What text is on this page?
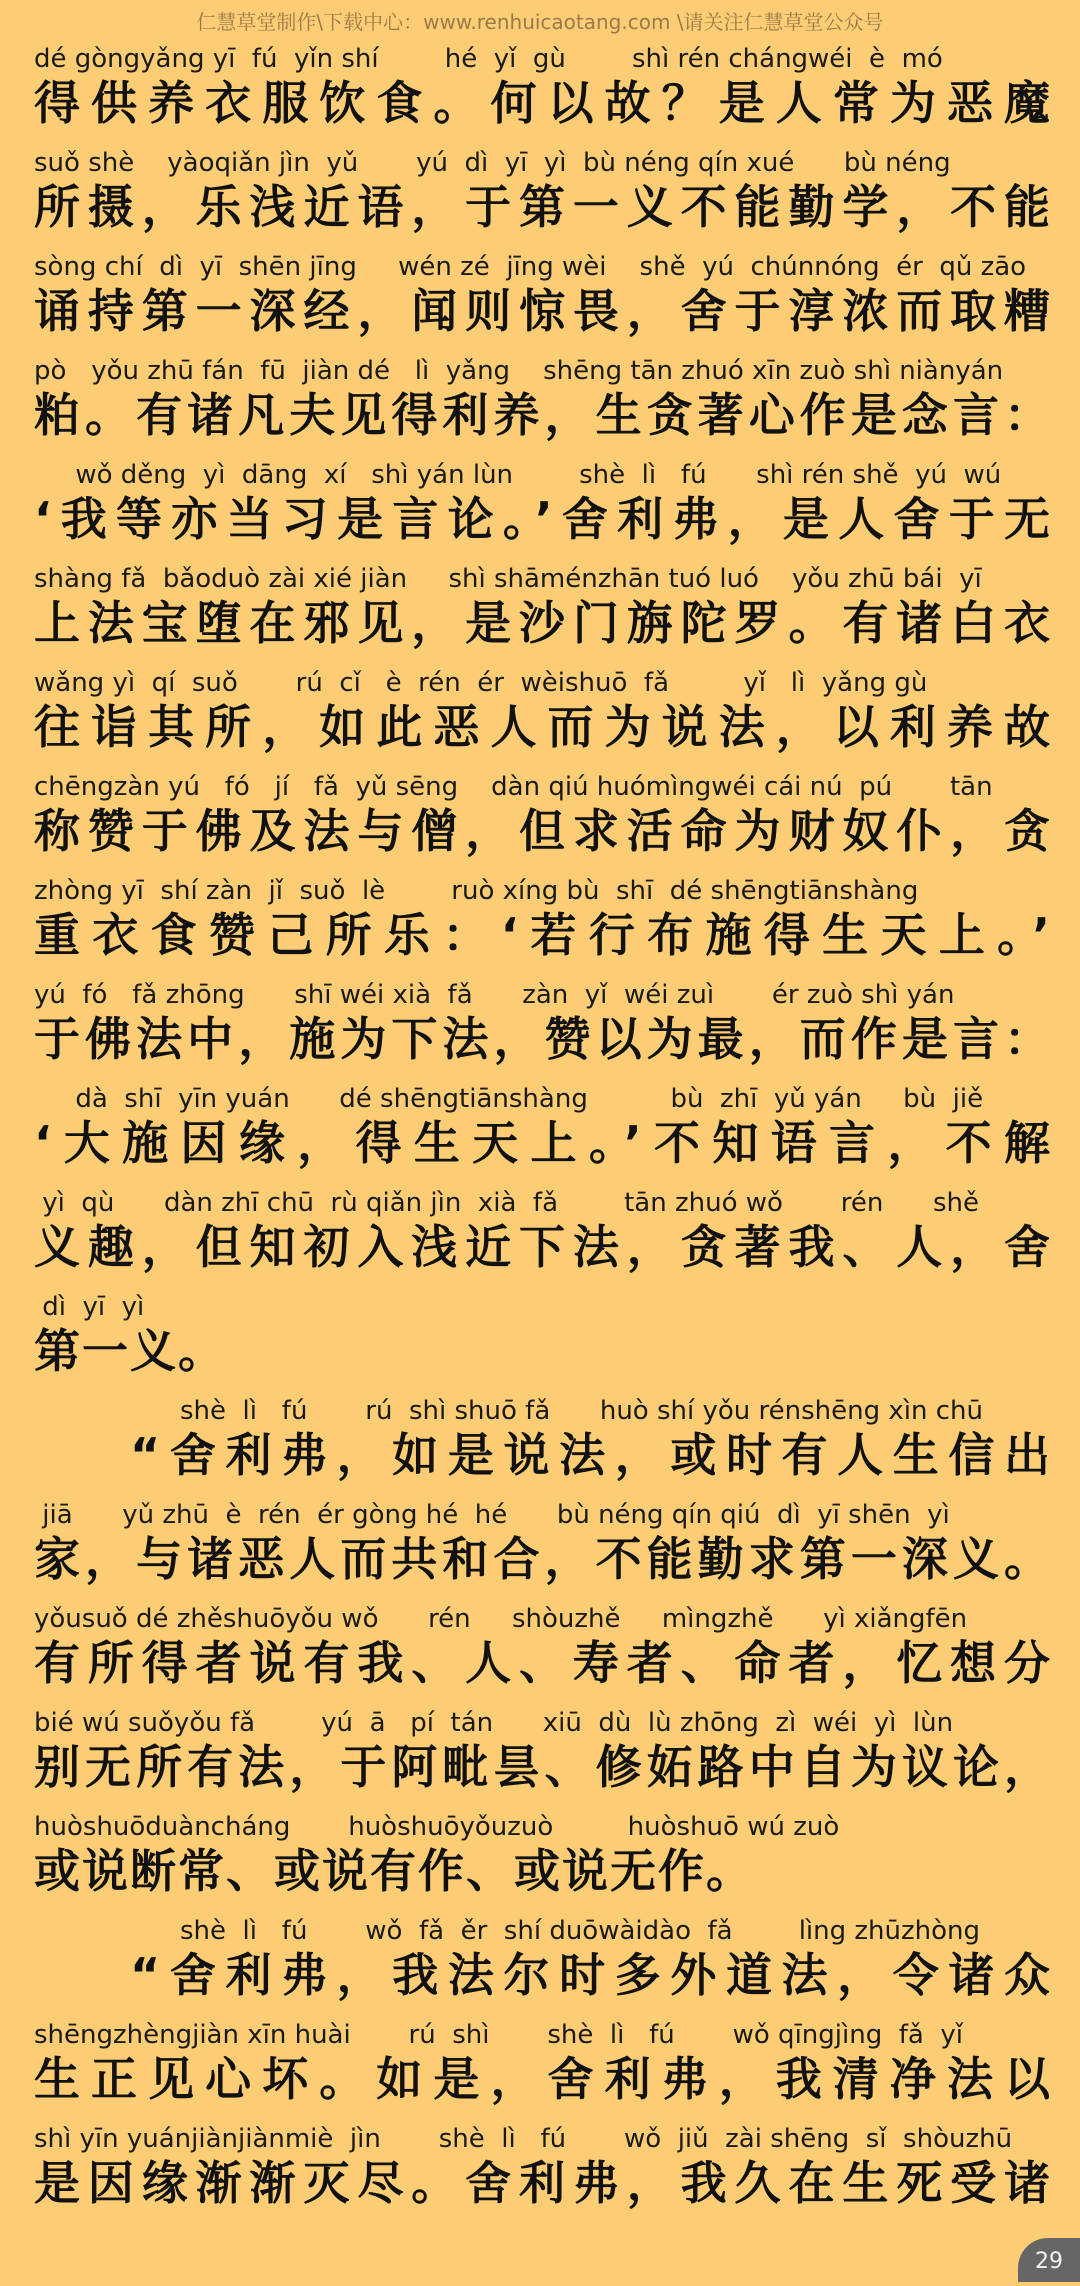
仁慧草堂制作\下载中心：www.renhuicaotang.com \请关注仁慧草堂公众号
dé gòngyǎng yī  fú  yǐn shí        hé  yǐ  gù        shì rén chángwéi  è  mó
得供养衣服饮食。何以故？是人常为恶魔
suǒ shè    yàoqiǎn jìn  yǔ       yú  dì  yī  yì  bù néng qín xué      bù néng
所摄，乐浅近语，于第一义不能勤学，不能
sòng chí  dì  yī  shēn jīng     wén zé  jīng wèi    shě  yú  chúnnóng  ér  qǔ zāo
诵持第一深经，闻则惊畏，舍于淳浓而取糟
pò   yǒu zhū fán  fū  jiàn dé   lì  yǎng    shēng tān zhuó xīn zuò shì niànyán
粕。有诸凡夫见得利养，生贪著心作是念言：
wǒ děng  yì  dāng  xí   shì yán lùn        shè  lì   fú      shì rén shě  yú  wú
‘我等亦当习是言论。’舍利弗，是人舍于无
shàng fǎ  bǎoduò zài xié jiàn     shì shāménzhān tuó luó    yǒu zhū bái  yī
上法宝堕在邪见，是沙门旃陀罗。有诸白衣
wǎng yì  qí  suǒ       rú  cǐ   è  rén  ér  wèishuō  fǎ         yǐ   lì  yǎng gù
往诣其所，如此恶人而为说法，以利养故
chēngzàn yú   fó   jí   fǎ  yǔ sēng    dàn qiú huómìngwéi cái nú  pú       tān
称赞于佛及法与僧，但求活命为财奴仆，贪
zhòng yī  shí zàn  jǐ  suǒ  lè        ruò xíng bù  shī  dé shēngtiānshàng
重衣食赞己所乐：‘若行布施得生天上。’
yú  fó   fǎ zhōng      shī wéi xià  fǎ      zàn  yǐ  wéi zuì       ér zuò shì yán
于佛法中，施为下法，赞以为最，而作是言：
dà  shī  yīn yuán      dé shēngtiānshàng          bù  zhī  yǔ yán     bù  jiě
‘大施因缘，得生天上。’不知语言，不解
yì  qù      dàn zhī chū  rù qiǎn jìn  xià  fǎ        tān zhuó wǒ       rén      shě
义趣，但知初入浅近下法，贪著我、人，舍
dì  yī  yì
第一义。
shè  lì   fú       rú  shì shuō fǎ      huò shí yǒu rénshēng xìn chū
“舍利弗，如是说法，或时有人生信出
jiā      yǔ zhū  è  rén  ér gòng hé  hé      bù néng qín qiú  dì  yī shēn  yì
家，与诸恶人而共和合，不能勤求第一深义。
yǒusuǒ dé zhěshuōyǒu wǒ      rén     shòuzhě     mìngzhě      yì xiǎngfēn
有所得者说有我、人、寿者、命者，忆想分
bié wú suǒyǒu fǎ        yú  ā   pí  tán      xiū  dù  lù zhōng  zì  wéi  yì  lùn
别无所有法，于阿毗昙、修妬路中自为议论，
huòshuōduàncháng       huòshuōyǒuzuò         huòshuō wú zuò
或说断常、或说有作、或说无作。
shè  lì   fú       wǒ  fǎ  ěr  shí duōwàidào  fǎ        lìng zhūzhòng
“舍利弗，我法尔时多外道法，令诸众
shēngzhèngjiàn xīn huài       rú  shì       shè  lì   fú       wǒ qīngjìng  fǎ  yǐ
生正见心坏。如是，舍利弗，我清净法以
shì yīn yuánjiànjiànmiè  jìn       shè  lì   fú       wǒ  jiǔ  zài shēng  sǐ  shòuzhū
是因缘渐渐灭尽。舍利弗，我久在生死受诸
29
